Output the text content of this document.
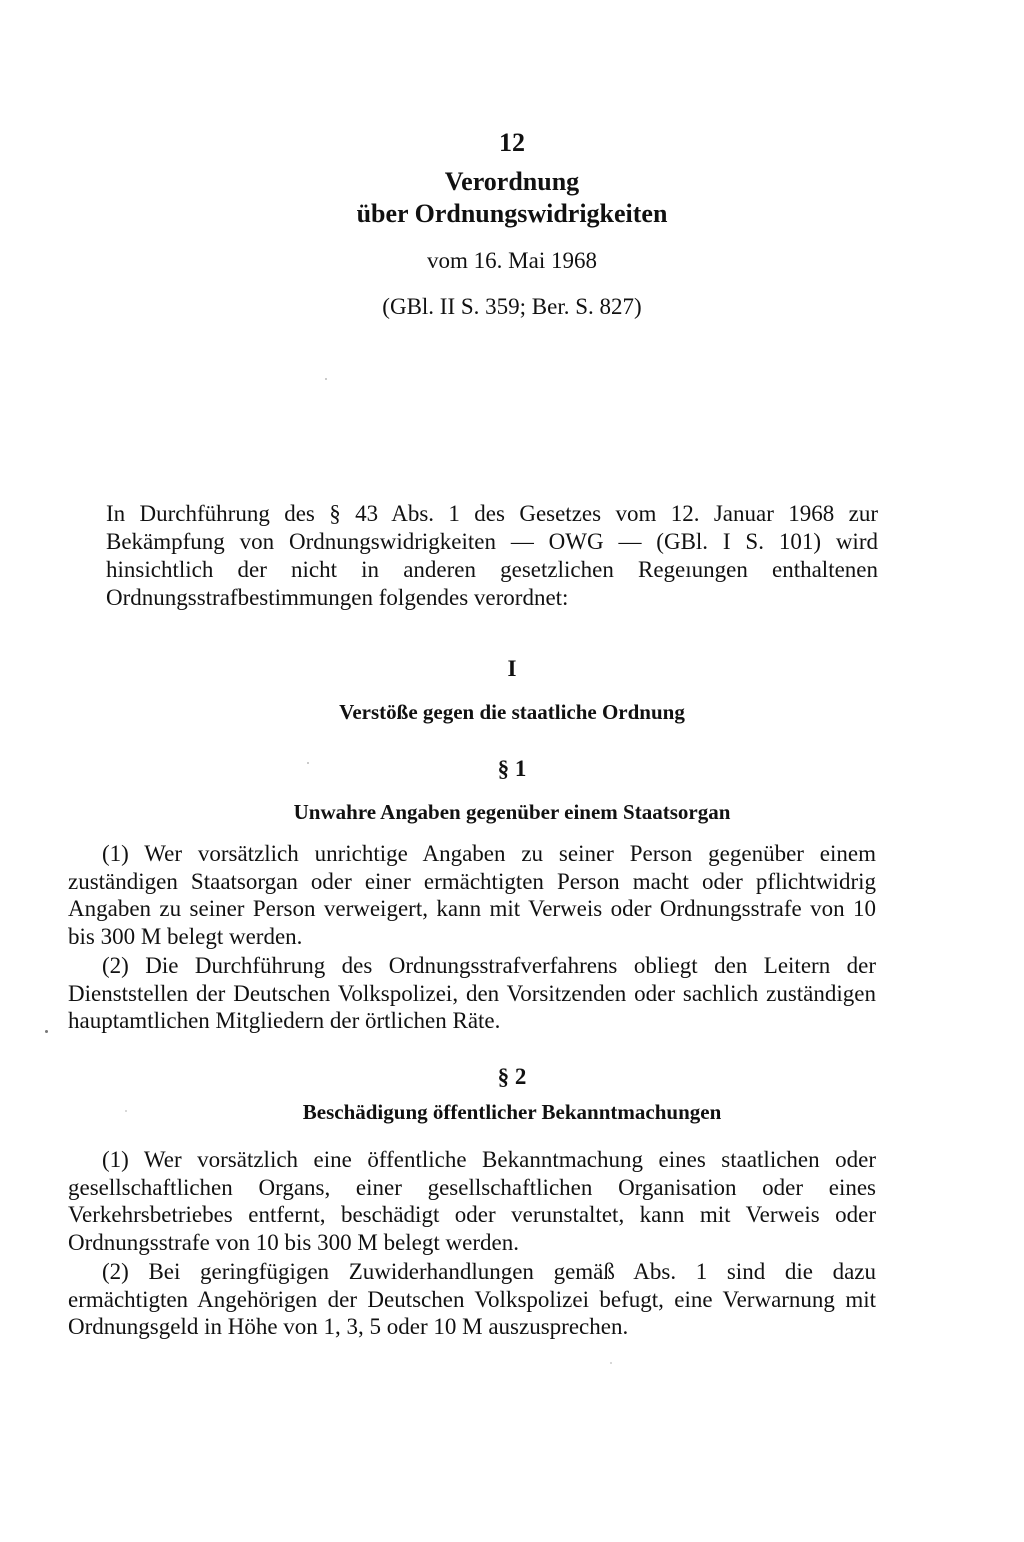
12
Verordnung
über Ordnungswidrigkeiten
vom 16. Mai 1968
(GBl. II S. 359; Ber. S. 827)

In Durchführung des § 43 Abs. 1 des Gesetzes vom 12. Januar 1968 zur Bekämpfung von Ordnungswidrigkeiten — OWG — (GBl. I S. 101) wird hinsichtlich der nicht in anderen gesetzlichen Regeıungen enthaltenen Ordnungsstrafbestimmungen folgendes verordnet:

I
Verstöße gegen die staatliche Ordnung
§ 1
Unwahre Angaben gegenüber einem Staatsorgan

(1) Wer vorsätzlich unrichtige Angaben zu seiner Person gegenüber einem zuständigen Staatsorgan oder einer ermächtigten Person macht oder pflichtwidrig Angaben zu seiner Person verweigert, kann mit Verweis oder Ordnungsstrafe von 10 bis 300 M belegt werden.

(2) Die Durchführung des Ordnungsstrafverfahrens obliegt den Leitern der Dienststellen der Deutschen Volkspolizei, den Vorsitzenden oder sachlich zuständigen hauptamtlichen Mitgliedern der örtlichen Räte.

§ 2
Beschädigung öffentlicher Bekanntmachungen

(1) Wer vorsätzlich eine öffentliche Bekanntmachung eines staatlichen oder gesellschaftlichen Organs, einer gesellschaftlichen Organisation oder eines Verkehrsbetriebes entfernt, beschädigt oder verunstaltet, kann mit Verweis oder Ordnungsstrafe von 10 bis 300 M belegt werden.

(2) Bei geringfügigen Zuwiderhandlungen gemäß Abs. 1 sind die dazu ermächtigten Angehörigen der Deutschen Volkspolizei befugt, eine Verwarnung mit Ordnungsgeld in Höhe von 1, 3, 5 oder 10 M auszusprechen.
